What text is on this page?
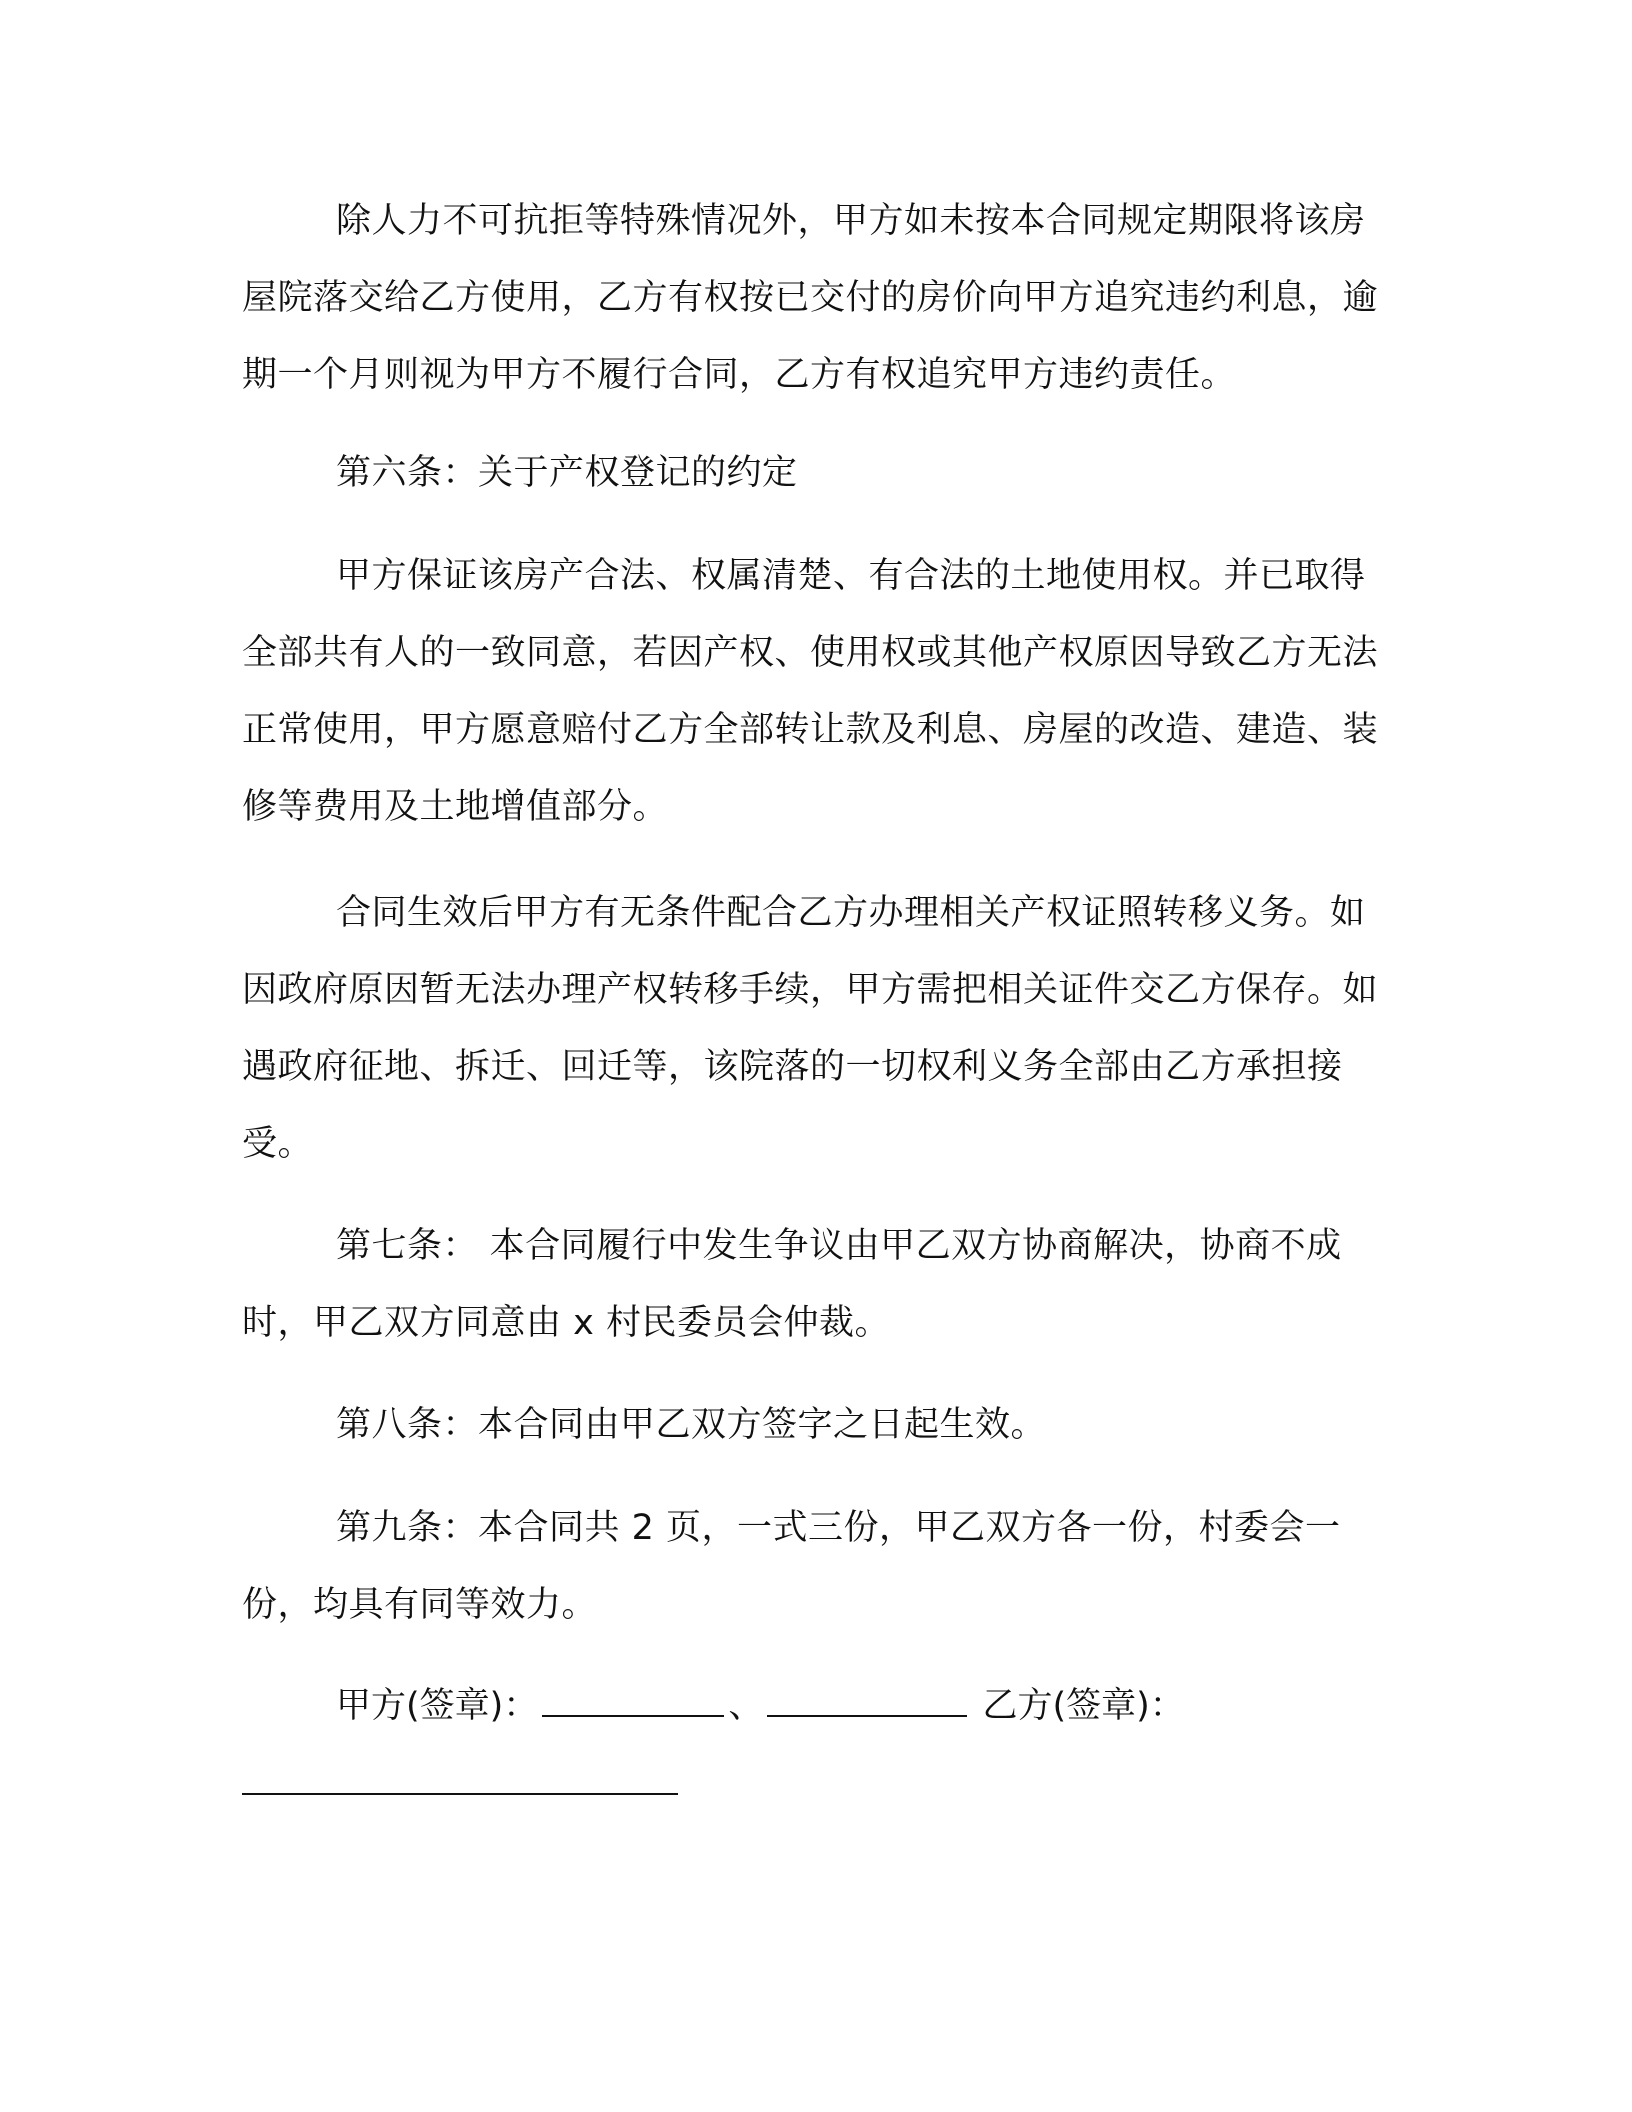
除人力不可抗拒等特殊情况外，甲方如未按本合同规定期限将该房屋院落交给乙方使用，乙方有权按已交付的房价向甲方追究违约利息，逾期一个月则视为甲方不履行合同，乙方有权追究甲方违约责任。

第六条：关于产权登记的约定

甲方保证该房产合法、权属清楚、有合法的土地使用权。并已取得全部共有人的一致同意，若因产权、使用权或其他产权原因导致乙方无法正常使用，甲方愿意赔付乙方全部转让款及利息、房屋的改造、建造、装修等费用及土地增值部分。

合同生效后甲方有无条件配合乙方办理相关产权证照转移义务。如因政府原因暂无法办理产权转移手续，甲方需把相关证件交乙方保存。如遇政府征地、拆迁、回迁等，该院落的一切权利义务全部由乙方承担接受。

第七条： 本合同履行中发生争议由甲乙双方协商解决，协商不成时，甲乙双方同意由 x 村民委员会仲裁。

第八条：本合同由甲乙双方签字之日起生效。

第九条：本合同共 2 页，一式三份，甲乙双方各一份，村委会一份，均具有同等效力。

甲方(签章)：	、	乙方(签章)：
